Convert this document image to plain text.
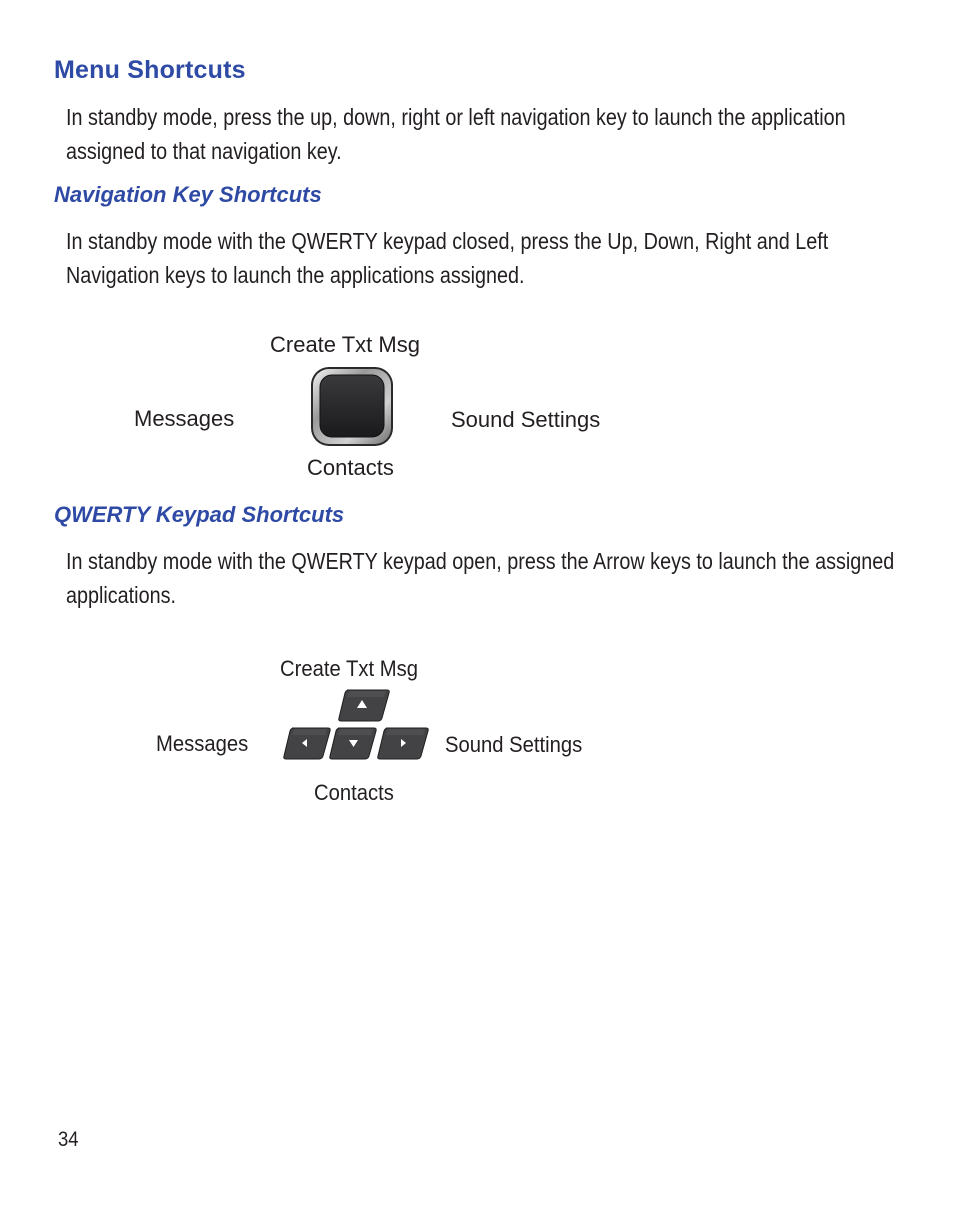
Menu Shortcuts
In standby mode, press the up, down, right or left navigation key to launch the application assigned to that navigation key.
Navigation Key Shortcuts
In standby mode with the QWERTY keypad closed, press the Up, Down, Right and Left Navigation keys to launch the applications assigned.
Create Txt Msg
Messages	Sound Settings
Contacts
QWERTY Keypad Shortcuts
In standby mode with the QWERTY keypad open, press the Arrow keys to launch the assigned applications.
Create Txt Msg
Messages	Sound Settings
Contacts
34
